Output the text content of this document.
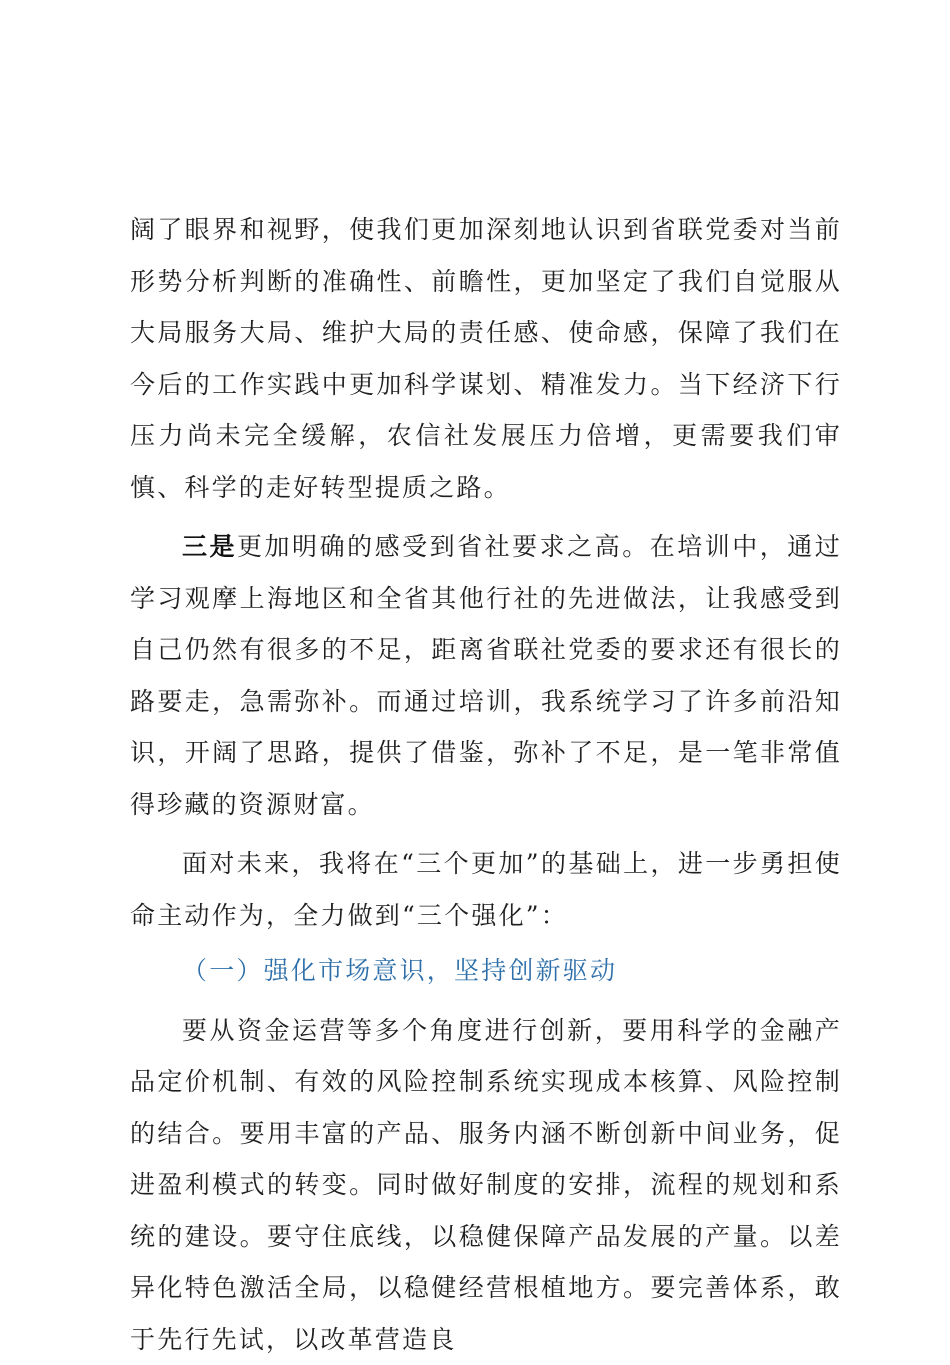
阔了眼界和视野，使我们更加深刻地认识到省联党委对当前形势分析判断的准确性、前瞻性，更加坚定了我们自觉服从大局服务大局、维护大局的责任感、使命感，保障了我们在今后的工作实践中更加科学谋划、精准发力。当下经济下行压力尚未完全缓解，农信社发展压力倍增，更需要我们审慎、科学的走好转型提质之路。

三是更加明确的感受到省社要求之高。在培训中，通过学习观摩上海地区和全省其他行社的先进做法，让我感受到自己仍然有很多的不足，距离省联社党委的要求还有很长的路要走，急需弥补。而通过培训，我系统学习了许多前沿知识，开阔了思路，提供了借鉴，弥补了不足，是一笔非常值得珍藏的资源财富。

面对未来，我将在“三个更加”的基础上，进一步勇担使命主动作为，全力做到“三个强化”：

（一）强化市场意识，坚持创新驱动

要从资金运营等多个角度进行创新，要用科学的金融产品定价机制、有效的风险控制系统实现成本核算、风险控制的结合。要用丰富的产品、服务内涵不断创新中间业务，促进盈利模式的转变。同时做好制度的安排，流程的规划和系统的建设。要守住底线，以稳健保障产品发展的产量。以差异化特色激活全局，以稳健经营根植地方。要完善体系，敢于先行先试，以改革营造良
